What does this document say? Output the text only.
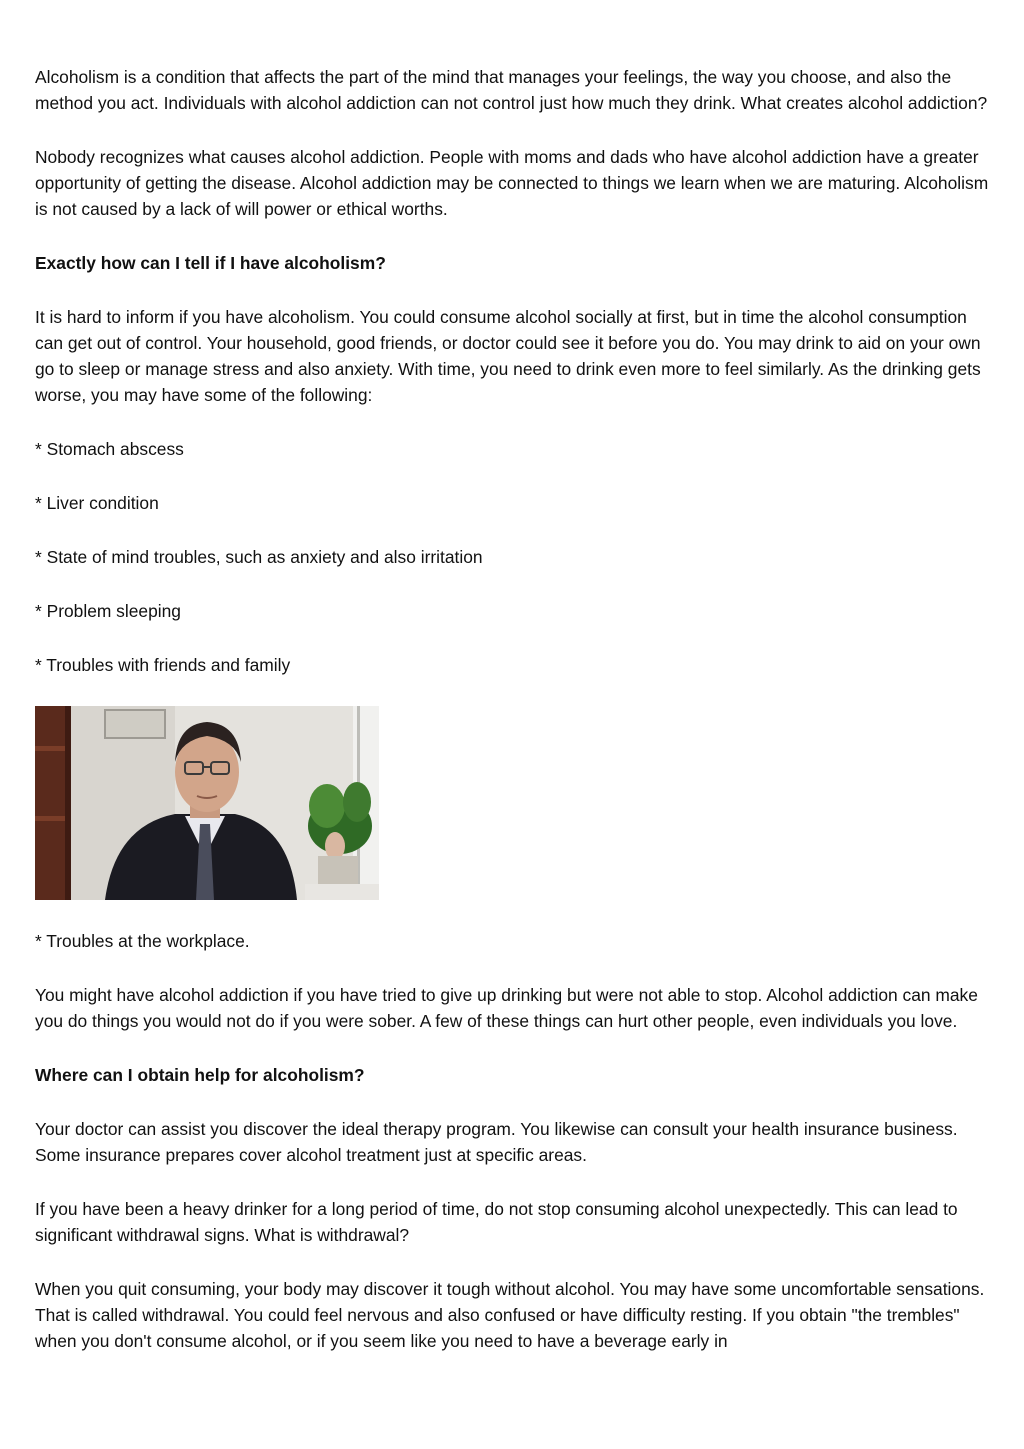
Alcoholism is a condition that affects the part of the mind that manages your feelings, the way you choose, and also the method you act. Individuals with alcohol addiction can not control just how much they drink. What creates alcohol addiction?

Nobody recognizes what causes alcohol addiction. People with moms and dads who have alcohol addiction have a greater opportunity of getting the disease. Alcohol addiction may be connected to things we learn when we are maturing. Alcoholism is not caused by a lack of will power or ethical worths.

Exactly how can I tell if I have alcoholism?

It is hard to inform if you have alcoholism. You could consume alcohol socially at first, but in time the alcohol consumption can get out of control. Your household, good friends, or doctor could see it before you do. You may drink to aid on your own go to sleep or manage stress and also anxiety. With time, you need to drink even more to feel similarly. As the drinking gets worse, you may have some of the following:

* Stomach abscess

* Liver condition

* State of mind troubles, such as anxiety and also irritation

* Problem sleeping

* Troubles with friends and family

* Troubles at the workplace.

You might have alcohol addiction if you have tried to give up drinking but were not able to stop. Alcohol addiction can make you do things you would not do if you were sober. A few of these things can hurt other people, even individuals you love.

Where can I obtain help for alcoholism?

Your doctor can assist you discover the ideal therapy program. You likewise can consult your health insurance business. Some insurance prepares cover alcohol treatment just at specific areas.

If you have been a heavy drinker for a long period of time, do not stop consuming alcohol unexpectedly. This can lead to significant withdrawal signs. What is withdrawal?

When you quit consuming, your body may discover it tough without alcohol. You may have some uncomfortable sensations. That is called withdrawal. You could feel nervous and also confused or have difficulty resting. If you obtain "the trembles" when you don't consume alcohol, or if you seem like you need to have a beverage early in
